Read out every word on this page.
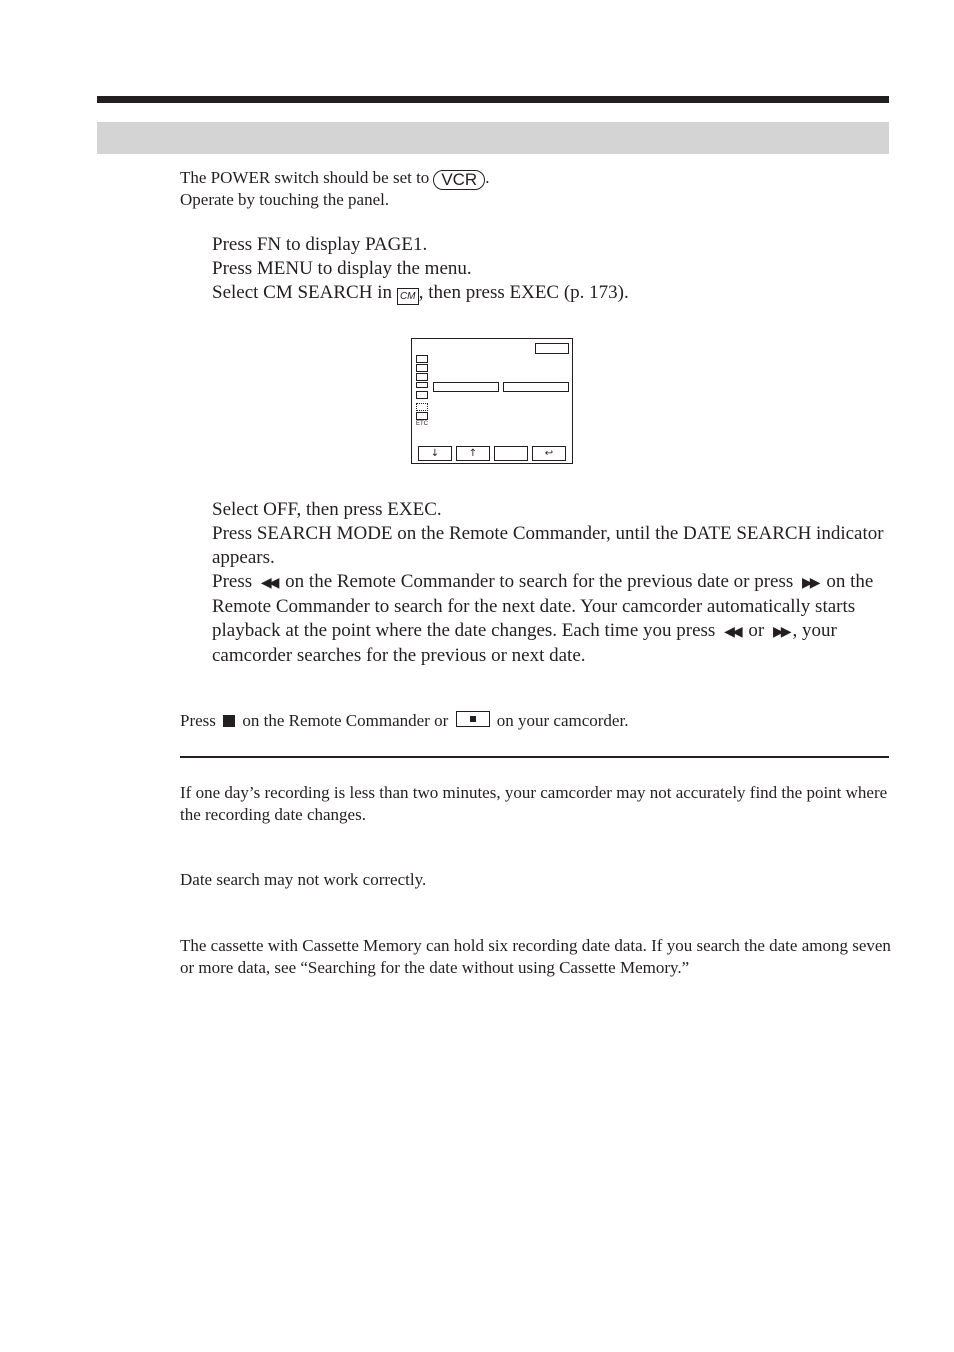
The POWER switch should be set to VCR .
Operate by touching the panel.
Press FN to display PAGE1.
Press MENU to display the menu.
Select CM SEARCH in CM , then press EXEC (p. 173).
ETC
↓	↑	↩
Select OFF, then press EXEC.
Press SEARCH MODE on the Remote Commander, until the DATE SEARCH indicator appears.
Press ◀◀ on the Remote Commander to search for the previous date or press ▶▶ on the Remote Commander to search for the next date. Your camcorder automatically starts playback at the point where the date changes. Each time you press ◀◀ or ▶▶ , your camcorder searches for the previous or next date.
Press on the Remote Commander or	on your camcorder.
If one day’s recording is less than two minutes, your camcorder may not accurately find the point where the recording date changes.
Date search may not work correctly.
The cassette with Cassette Memory can hold six recording date data. If you search the date among seven or more data, see “Searching for the date without using Cassette Memory.”
